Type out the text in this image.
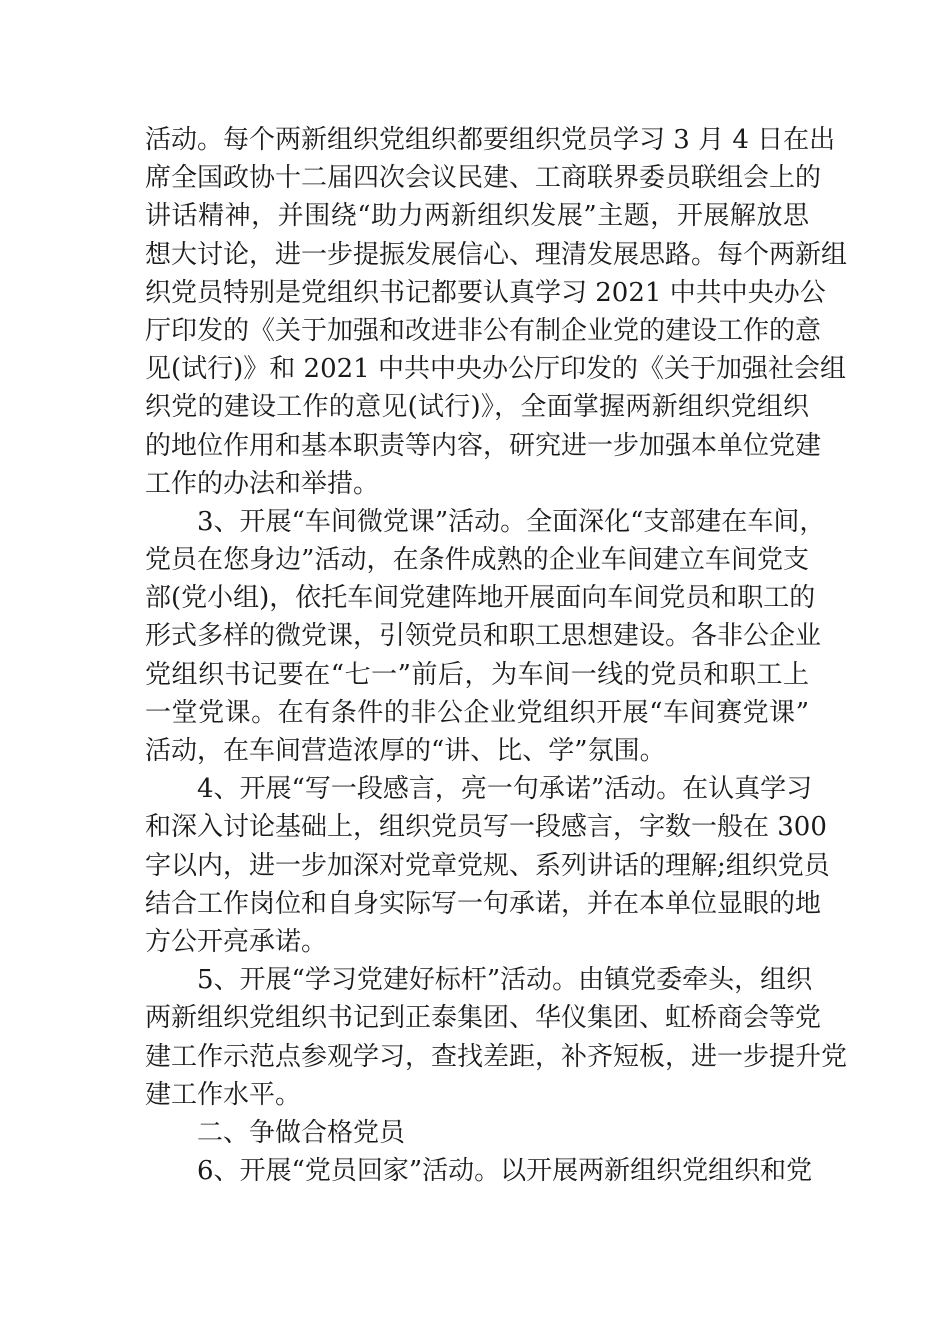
活动。每个两新组织党组织都要组织党员学习 3 月 4 日在出
席全国政协十二届四次会议民建、工商联界委员联组会上的
讲话精神，并围绕“助力两新组织发展”主题，开展解放思
想大讨论，进一步提振发展信心、理清发展思路。每个两新组
织党员特别是党组织书记都要认真学习 2021 中共中央办公
厅印发的《关于加强和改进非公有制企业党的建设工作的意
见(试行)》和 2021 中共中央办公厅印发的《关于加强社会组
织党的建设工作的意见(试行)》，全面掌握两新组织党组织
的地位作用和基本职责等内容，研究进一步加强本单位党建
工作的办法和举措。
　　3、开展“车间微党课”活动。全面深化“支部建在车间，
党员在您身边”活动，在条件成熟的企业车间建立车间党支
部(党小组)，依托车间党建阵地开展面向车间党员和职工的
形式多样的微党课，引领党员和职工思想建设。各非公企业
党组织书记要在“七一”前后，为车间一线的党员和职工上
一堂党课。在有条件的非公企业党组织开展“车间赛党课”
活动，在车间营造浓厚的“讲、比、学”氛围。
　　4、开展“写一段感言，亮一句承诺”活动。在认真学习
和深入讨论基础上，组织党员写一段感言，字数一般在 300
字以内，进一步加深对党章党规、系列讲话的理解;组织党员
结合工作岗位和自身实际写一句承诺，并在本单位显眼的地
方公开亮承诺。
　　5、开展“学习党建好标杆”活动。由镇党委牵头，组织
两新组织党组织书记到正泰集团、华仪集团、虹桥商会等党
建工作示范点参观学习，查找差距，补齐短板，进一步提升党
建工作水平。
　　二、争做合格党员
　　6、开展“党员回家”活动。以开展两新组织党组织和党
